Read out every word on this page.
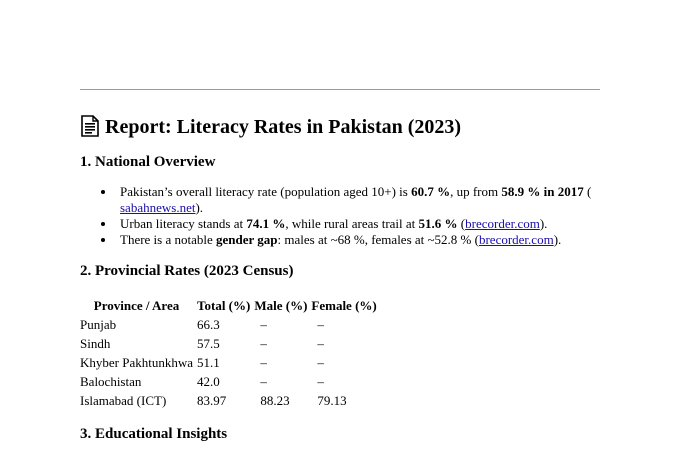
Report: Literacy Rates in Pakistan (2023)
1. National Overview
Pakistan’s overall literacy rate (population aged 10+) is 60.7 %, up from 58.9 % in 2017 (
sabahnews.net).
Urban literacy stands at 74.1 %, while rural areas trail at 51.6 % (brecorder.com).
There is a notable gender gap: males at ~68 %, females at ~52.8 % (brecorder.com).
2. Provincial Rates (2023 Census)
Province / Area	Total (%)	Male (%)	Female (%)
Punjab	66.3	–	–
Sindh	57.5	–	–
Khyber Pakhtunkhwa	51.1	–	–
Balochistan	42.0	–	–
Islamabad (ICT)	83.97	88.23	79.13
3. Educational Insights
